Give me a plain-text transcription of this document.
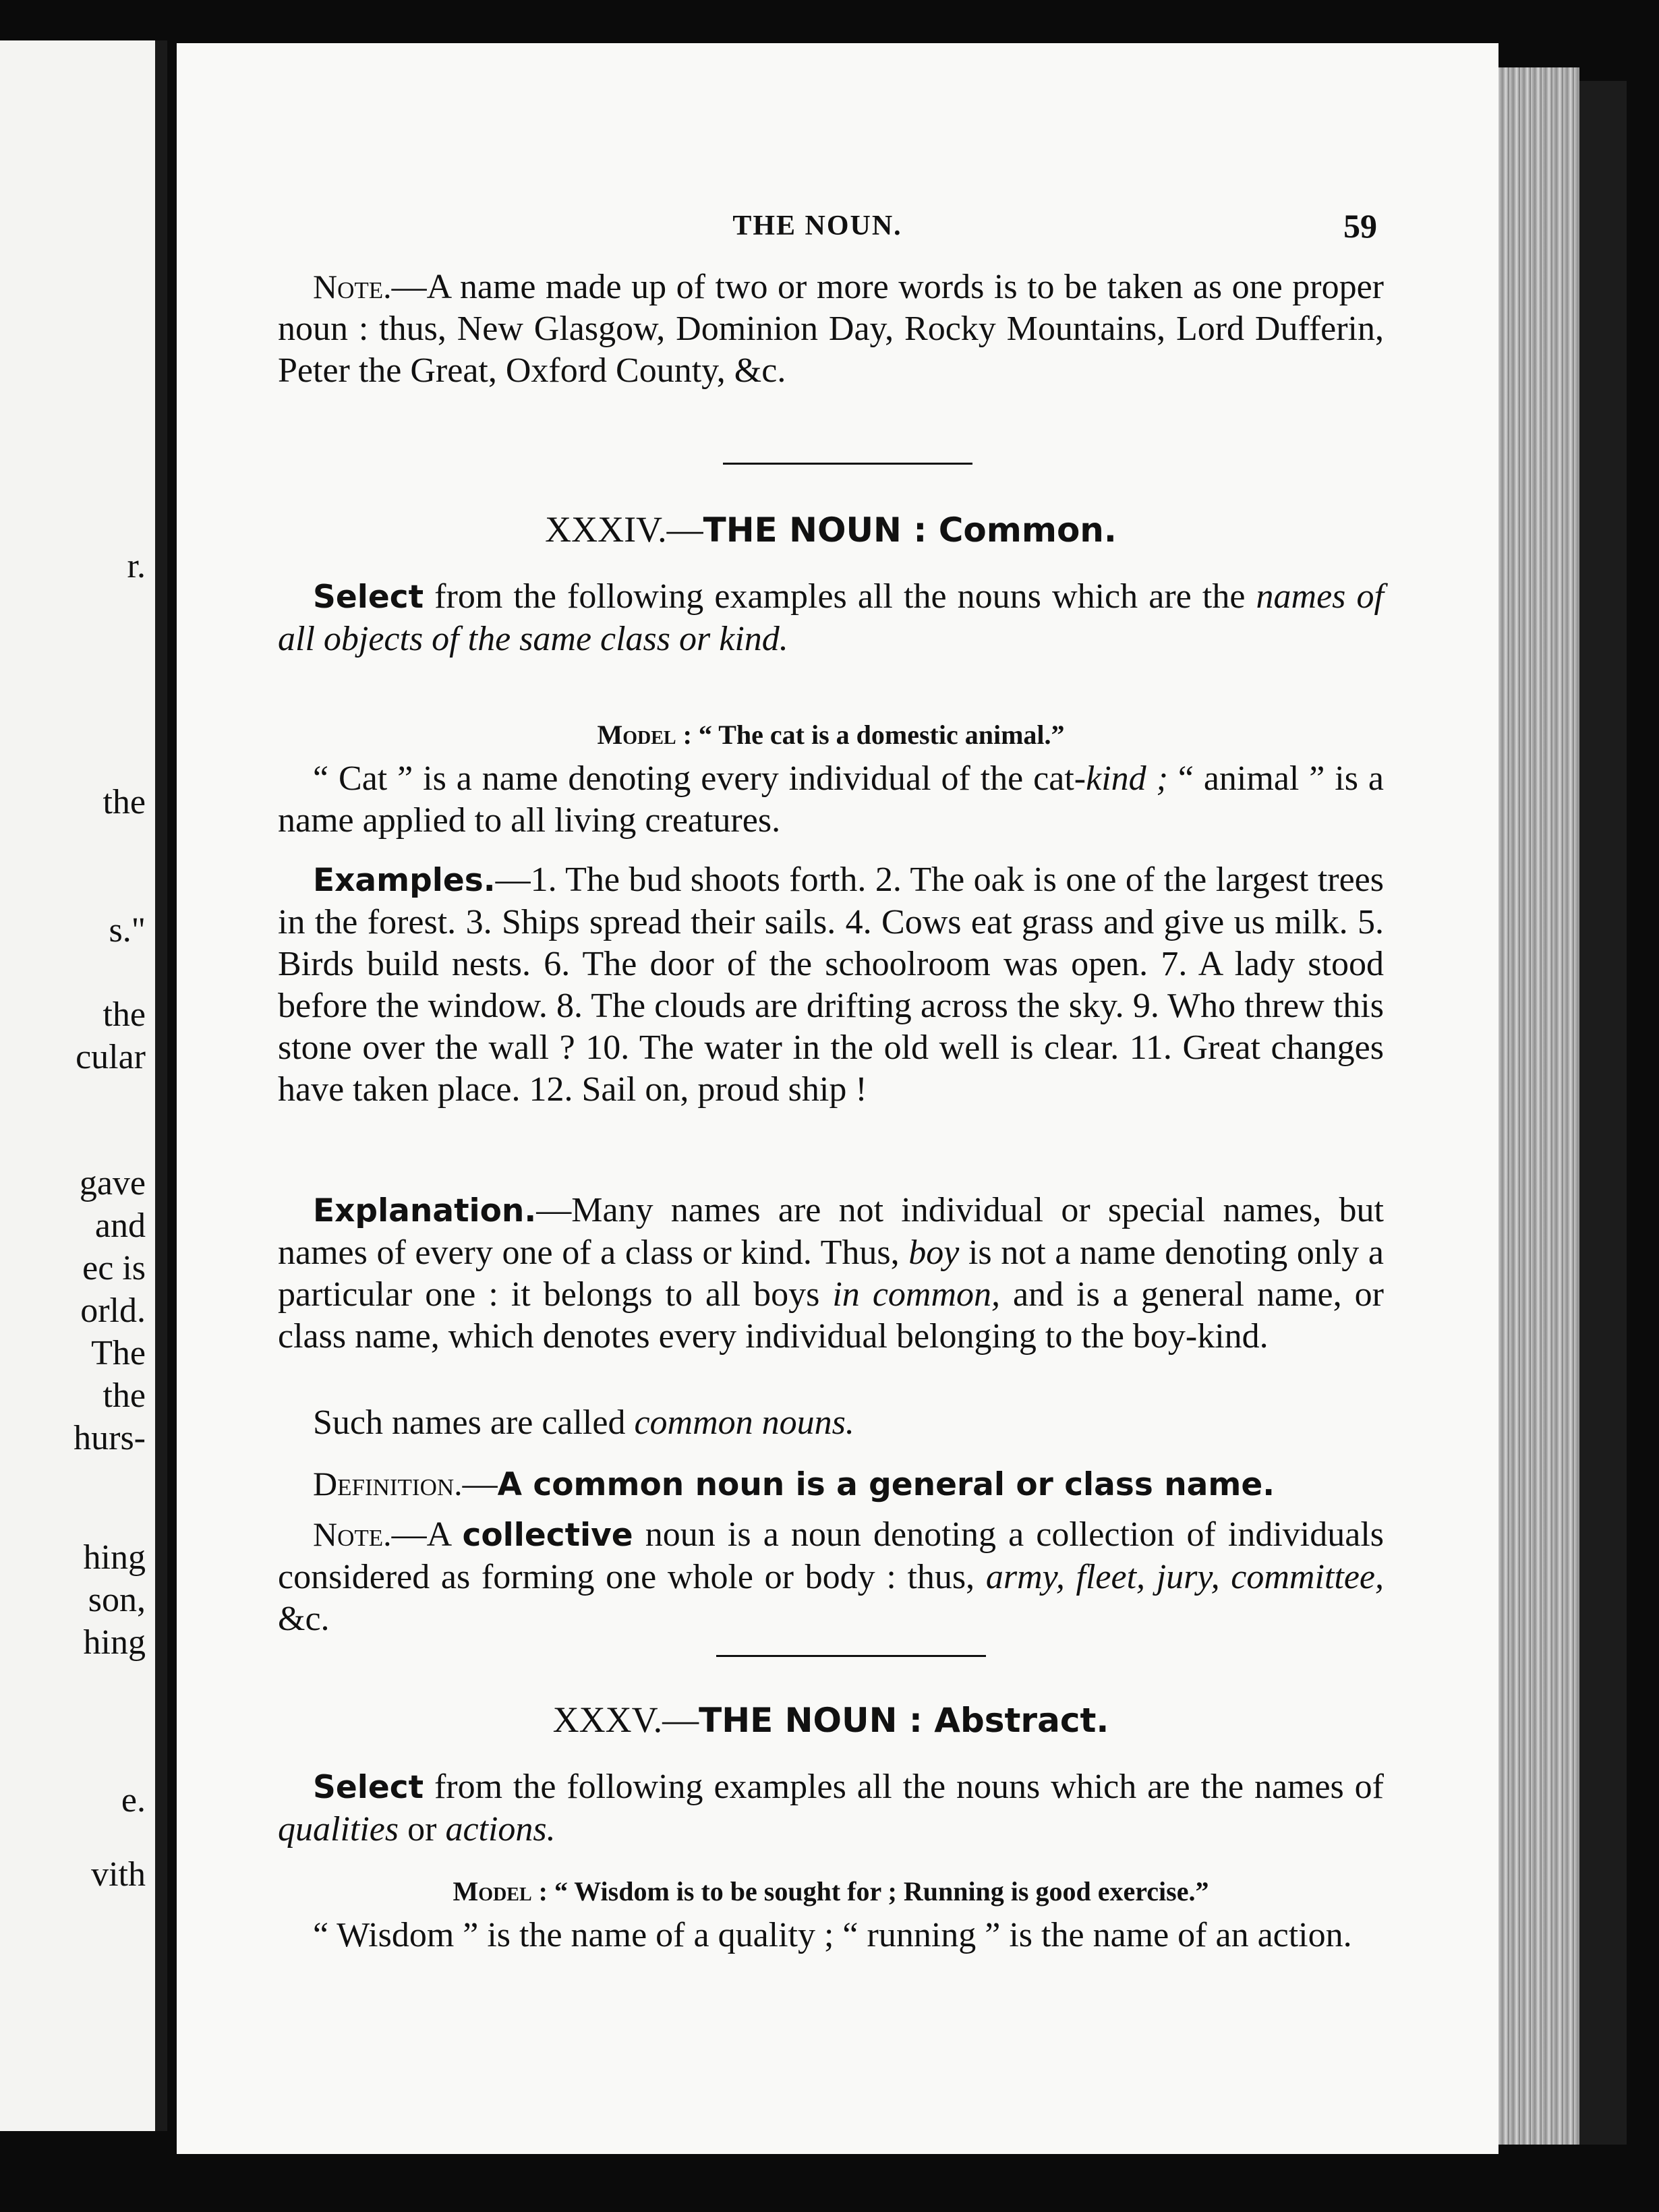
r.
the
s."
the
cular
gave
and
ec is
orld.
The
the
hurs-
hing
son,
hing
e.
vith
THE NOUN.	59
Note.—A name made up of two or more words is to be taken as one proper noun : thus, New Glasgow, Dominion Day, Rocky Mountains, Lord Dufferin, Peter the Great, Oxford County, &c.
XXXIV.—THE NOUN : Common.
Select from the following examples all the nouns which are the names of all objects of the same class or kind.
Model : “ The cat is a domestic animal.”
“ Cat ” is a name denoting every individual of the cat-kind ; “ animal ” is a name applied to all living creatures.
Examples.—1. The bud shoots forth. 2. The oak is one of the largest trees in the forest. 3. Ships spread their sails. 4. Cows eat grass and give us milk. 5. Birds build nests. 6. The door of the schoolroom was open. 7. A lady stood before the window. 8. The clouds are drifting across the sky. 9. Who threw this stone over the wall ? 10. The water in the old well is clear. 11. Great changes have taken place. 12. Sail on, proud ship !
Explanation.—Many names are not individual or special names, but names of every one of a class or kind. Thus, boy is not a name denoting only a particular one : it belongs to all boys in common, and is a general name, or class name, which denotes every individual belonging to the boy-kind.
Such names are called common nouns.
Definition.—A common noun is a general or class name.
Note.—A collective noun is a noun denoting a collection of individuals considered as forming one whole or body : thus, army, fleet, jury, committee, &c.
XXXV.—THE NOUN : Abstract.
Select from the following examples all the nouns which are the names of qualities or actions.
Model : “ Wisdom is to be sought for ; Running is good exercise.”
“ Wisdom ” is the name of a quality ; “ running ” is the name of an action.
